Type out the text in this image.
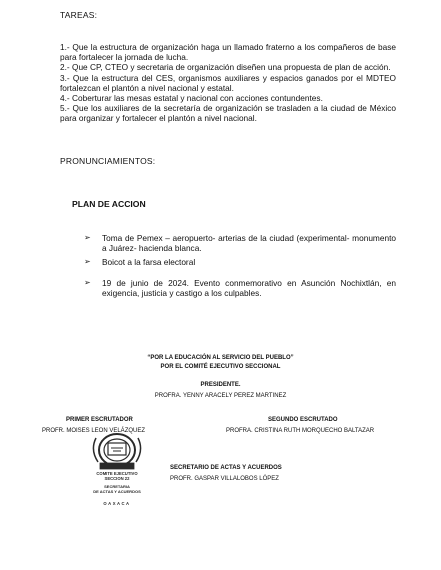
TAREAS:
1.- Que la estructura de organización haga un llamado fraterno a los compañeros de base para fortalecer la jornada de lucha.
2.- Que CP, CTEO y secretaria de organización diseñen una propuesta de plan de acción.
3.- Que la estructura del CES, organismos auxiliares y espacios ganados por el MDTEO fortalezcan el plantón a nivel nacional y estatal.
4.- Coberturar las mesas estatal y nacional con acciones contundentes.
5.- Que los auxiliares de la secretaría de organización se trasladen a la ciudad de México para organizar y fortalecer el plantón a nivel nacional.
PRONUNCIAMIENTOS:
PLAN DE ACCION
➢ Toma de Pemex – aeropuerto- arterias de la ciudad (experimental- monumento a Juárez- hacienda blanca.
➢ Boicot a la farsa electoral
➢ 19 de junio de 2024. Evento conmemorativo en Asunción Nochixtlán, en exigencia, justicia y castigo a los culpables.
“POR LA EDUCACIÓN AL SERVICIO DEL PUEBLO”
POR EL COMITÉ EJECUTIVO SECCIONAL
PRESIDENTE.
PROFRA. YENNY ARACELY PEREZ MARTINEZ
PRIMER ESCRUTADOR
PROFR. MOISES LEON VELÁZQUEZ
SEGUNDO ESCRUTADO
PROFRA. CRISTINA RUTH MORQUECHO BALTAZAR
SECRETARIO DE ACTAS Y ACUERDOS
PROFR. GASPAR VILLALOBOS LÓPEZ
COMITE EJECUTIVO
SECCION 22
SECRETARIA
DE ACTAS Y ACUERDOS
OAXACA
